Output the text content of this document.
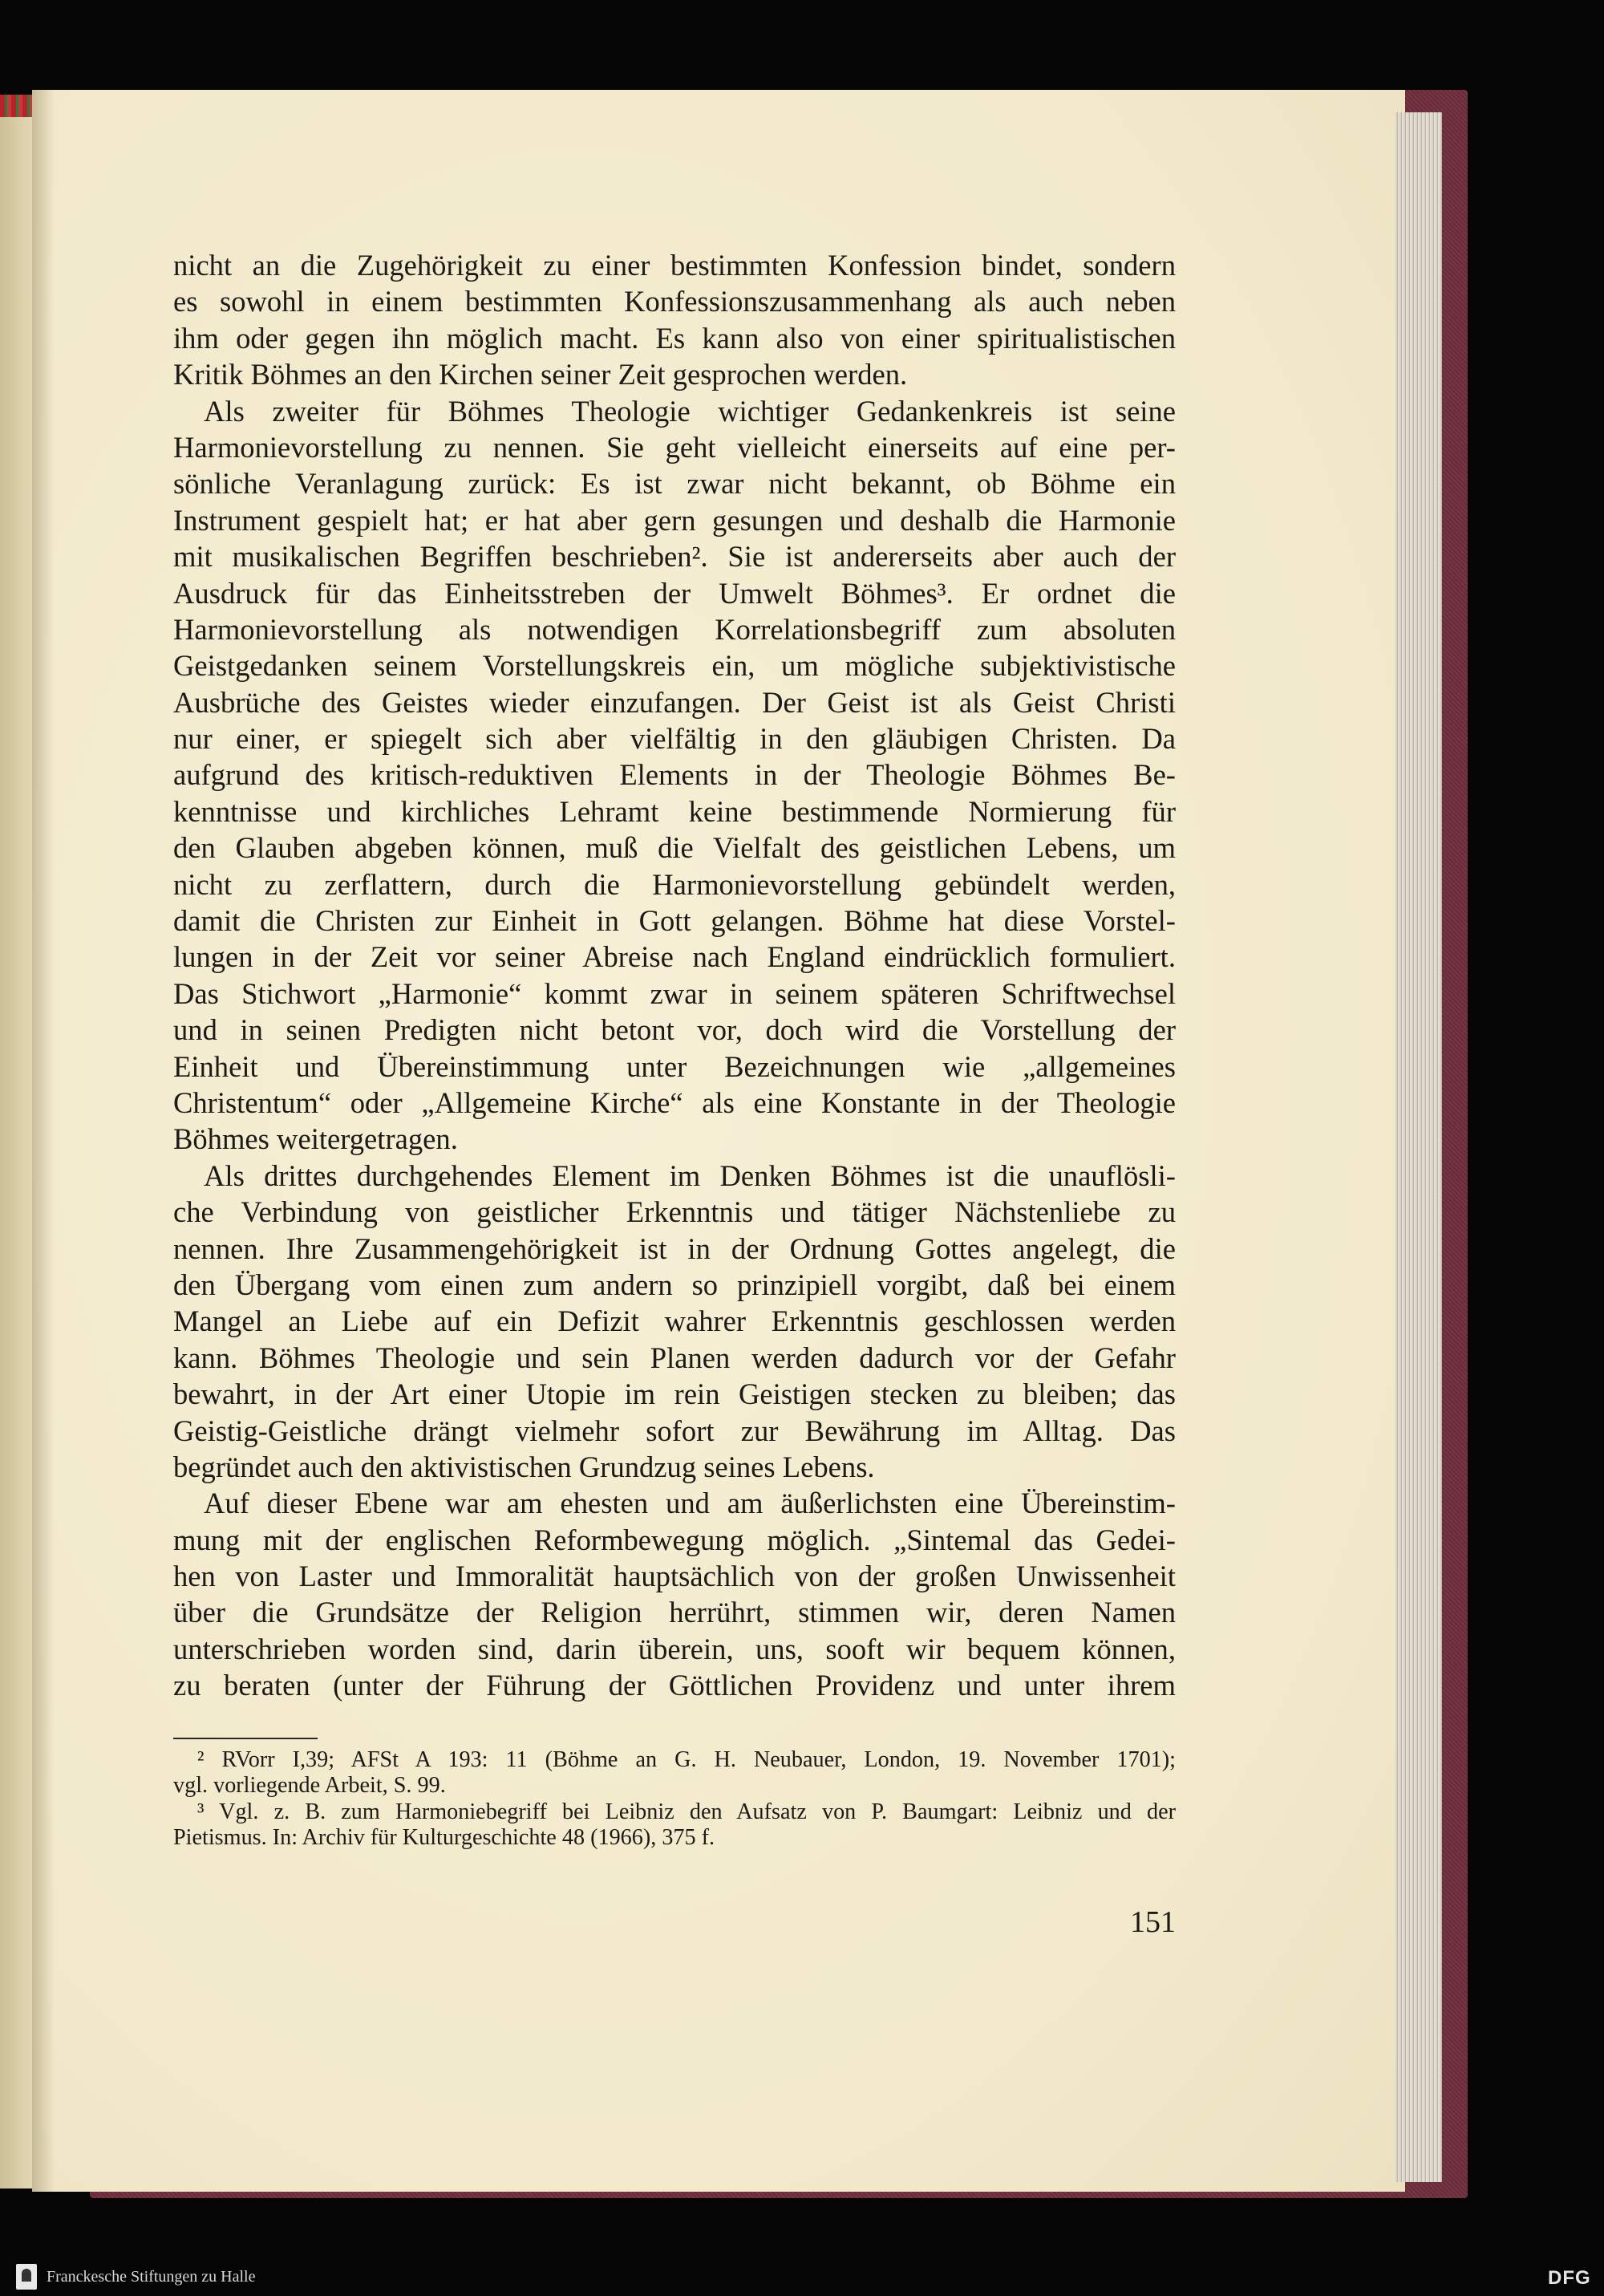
nicht an die Zugehörigkeit zu einer bestimmten Konfession bindet, sondern
es sowohl in einem bestimmten Konfessionszusammenhang als auch neben
ihm oder gegen ihn möglich macht. Es kann also von einer spiritualistischen
Kritik Böhmes an den Kirchen seiner Zeit gesprochen werden.
Als zweiter für Böhmes Theologie wichtiger Gedankenkreis ist seine
Harmonievorstellung zu nennen. Sie geht vielleicht einerseits auf eine per-
sönliche Veranlagung zurück: Es ist zwar nicht bekannt, ob Böhme ein
Instrument gespielt hat; er hat aber gern gesungen und deshalb die Harmonie
mit musikalischen Begriffen beschrieben². Sie ist andererseits aber auch der
Ausdruck für das Einheitsstreben der Umwelt Böhmes³. Er ordnet die
Harmonievorstellung als notwendigen Korrelationsbegriff zum absoluten
Geistgedanken seinem Vorstellungskreis ein, um mögliche subjektivistische
Ausbrüche des Geistes wieder einzufangen. Der Geist ist als Geist Christi
nur einer, er spiegelt sich aber vielfältig in den gläubigen Christen. Da
aufgrund des kritisch-reduktiven Elements in der Theologie Böhmes Be-
kenntnisse und kirchliches Lehramt keine bestimmende Normierung für
den Glauben abgeben können, muß die Vielfalt des geistlichen Lebens, um
nicht zu zerflattern, durch die Harmonievorstellung gebündelt werden,
damit die Christen zur Einheit in Gott gelangen. Böhme hat diese Vorstel-
lungen in der Zeit vor seiner Abreise nach England eindrücklich formuliert.
Das Stichwort „Harmonie“ kommt zwar in seinem späteren Schriftwechsel
und in seinen Predigten nicht betont vor, doch wird die Vorstellung der
Einheit und Übereinstimmung unter Bezeichnungen wie „allgemeines
Christentum“ oder „Allgemeine Kirche“ als eine Konstante in der Theologie
Böhmes weitergetragen.
Als drittes durchgehendes Element im Denken Böhmes ist die unauflösli-
che Verbindung von geistlicher Erkenntnis und tätiger Nächstenliebe zu
nennen. Ihre Zusammengehörigkeit ist in der Ordnung Gottes angelegt, die
den Übergang vom einen zum andern so prinzipiell vorgibt, daß bei einem
Mangel an Liebe auf ein Defizit wahrer Erkenntnis geschlossen werden
kann. Böhmes Theologie und sein Planen werden dadurch vor der Gefahr
bewahrt, in der Art einer Utopie im rein Geistigen stecken zu bleiben; das
Geistig-Geistliche drängt vielmehr sofort zur Bewährung im Alltag. Das
begründet auch den aktivistischen Grundzug seines Lebens.
Auf dieser Ebene war am ehesten und am äußerlichsten eine Übereinstim-
mung mit der englischen Reformbewegung möglich. „Sintemal das Gedei-
hen von Laster und Immoralität hauptsächlich von der großen Unwissenheit
über die Grundsätze der Religion herrührt, stimmen wir, deren Namen
unterschrieben worden sind, darin überein, uns, sooft wir bequem können,
zu beraten (unter der Führung der Göttlichen Providenz und unter ihrem
² RVorr I,39; AFSt A 193: 11 (Böhme an G. H. Neubauer, London, 19. November 1701);
vgl. vorliegende Arbeit, S. 99.
³ Vgl. z. B. zum Harmoniebegriff bei Leibniz den Aufsatz von P. Baumgart: Leibniz und der
Pietismus. In: Archiv für Kulturgeschichte 48 (1966), 375 f.
151
Franckesche Stiftungen zu Halle	DFG
